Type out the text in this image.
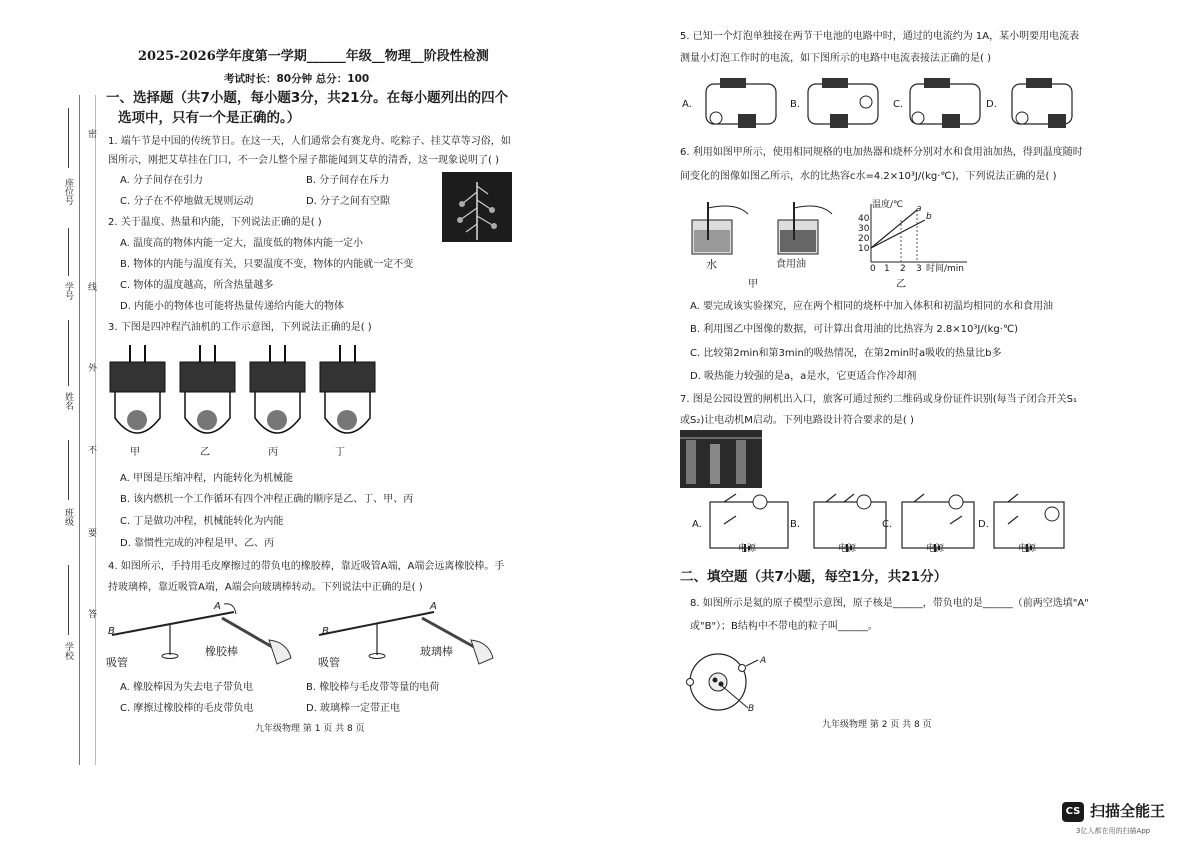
座位号
学号
姓名
班级
学校
密
线
外
不
要
答
2025-2026学年度第一学期______年级__物理__阶段性检测
考试时长：80分钟 总分：100
一、选择题（共7小题，每小题3分，共21分。在每小题列出的四个
选项中，只有一个是正确的。）
1. 端午节是中国的传统节日。在这一天，人们通常会有赛龙舟、吃粽子、挂艾草等习俗，如
图所示，刚把艾草挂在门口，不一会儿整个屋子都能闻到艾草的清香，这一现象说明了( )
A. 分子间存在引力	B. 分子间存在斥力
C. 分子在不停地做无规则运动	D. 分子之间有空隙
2. 关于温度、热量和内能，下列说法正确的是( )
A. 温度高的物体内能一定大，温度低的物体内能一定小
B. 物体的内能与温度有关，只要温度不变，物体的内能就一定不变
C. 物体的温度越高，所含热量越多
D. 内能小的物体也可能将热量传递给内能大的物体
3. 下图是四冲程汽油机的工作示意图，下列说法正确的是( )
甲	乙	丙	丁
A. 甲图是压缩冲程，内能转化为机械能
B. 该内燃机一个工作循环有四个冲程正确的顺序是乙、丁、甲、丙
C. 丁是做功冲程，机械能转化为内能
D. 靠惯性完成的冲程是甲、乙、丙
4. 如图所示，手持用毛皮摩擦过的带负电的橡胶棒，靠近吸管A端，A端会远离橡胶棒。手
持玻璃棒，靠近吸管A端，A端会向玻璃棒转动。下列说法中正确的是( )
B
A
吸管
橡胶棒
B
A
吸管
玻璃棒
A. 橡胶棒因为失去电子带负电	B. 橡胶棒与毛皮带等量的电荷
C. 摩擦过橡胶棒的毛皮带负电	D. 玻璃棒一定带正电
九年级物理 第 1 页 共 8 页
5. 已知一个灯泡单独接在两节干电池的电路中时，通过的电流约为 1A，某小明要用电流表
测量小灯泡工作时的电流，如下图所示的电路中电流表接法正确的是( )
A.	B.	C.	D.
6. 利用如图甲所示，使用相同规格的电加热器和烧杯分别对水和食用油加热，得到温度随时
间变化的图像如图乙所示，水的比热容c水=4.2×10³J/(kg·℃)，下列说法正确的是( )
水	食用油
甲	乙
温度/℃
40
30
20
10
0 1 2 3 时间/min
a
b
A. 要完成该实验探究，应在两个相同的烧杯中加入体积和初温均相同的水和食用油
B. 利用图乙中图像的数据，可计算出食用油的比热容为 2.8×10³J/(kg·℃)
C. 比较第2min和第3min的吸热情况，在第2min时a吸收的热量比b多
D. 吸热能力较强的是a，a是水，它更适合作冷却剂
7. 图是公园设置的闸机出入口，旅客可通过预约二维码或身份证件识别(每当子闭合开关S₁
或S₂)让电动机M启动。下列电路设计符合要求的是( )
A.	B.	C.	D.
电源	电源	电源	电源
二、填空题（共7小题，每空1分，共21分）
8. 如图所示是氦的原子模型示意图，原子核是______，带负电的是______（前两空选填"A"
或"B"）；B结构中不带电的粒子叫______。
A
B
九年级物理 第 2 页 共 8 页
CS 扫描全能王
3亿人都在用的扫描App
